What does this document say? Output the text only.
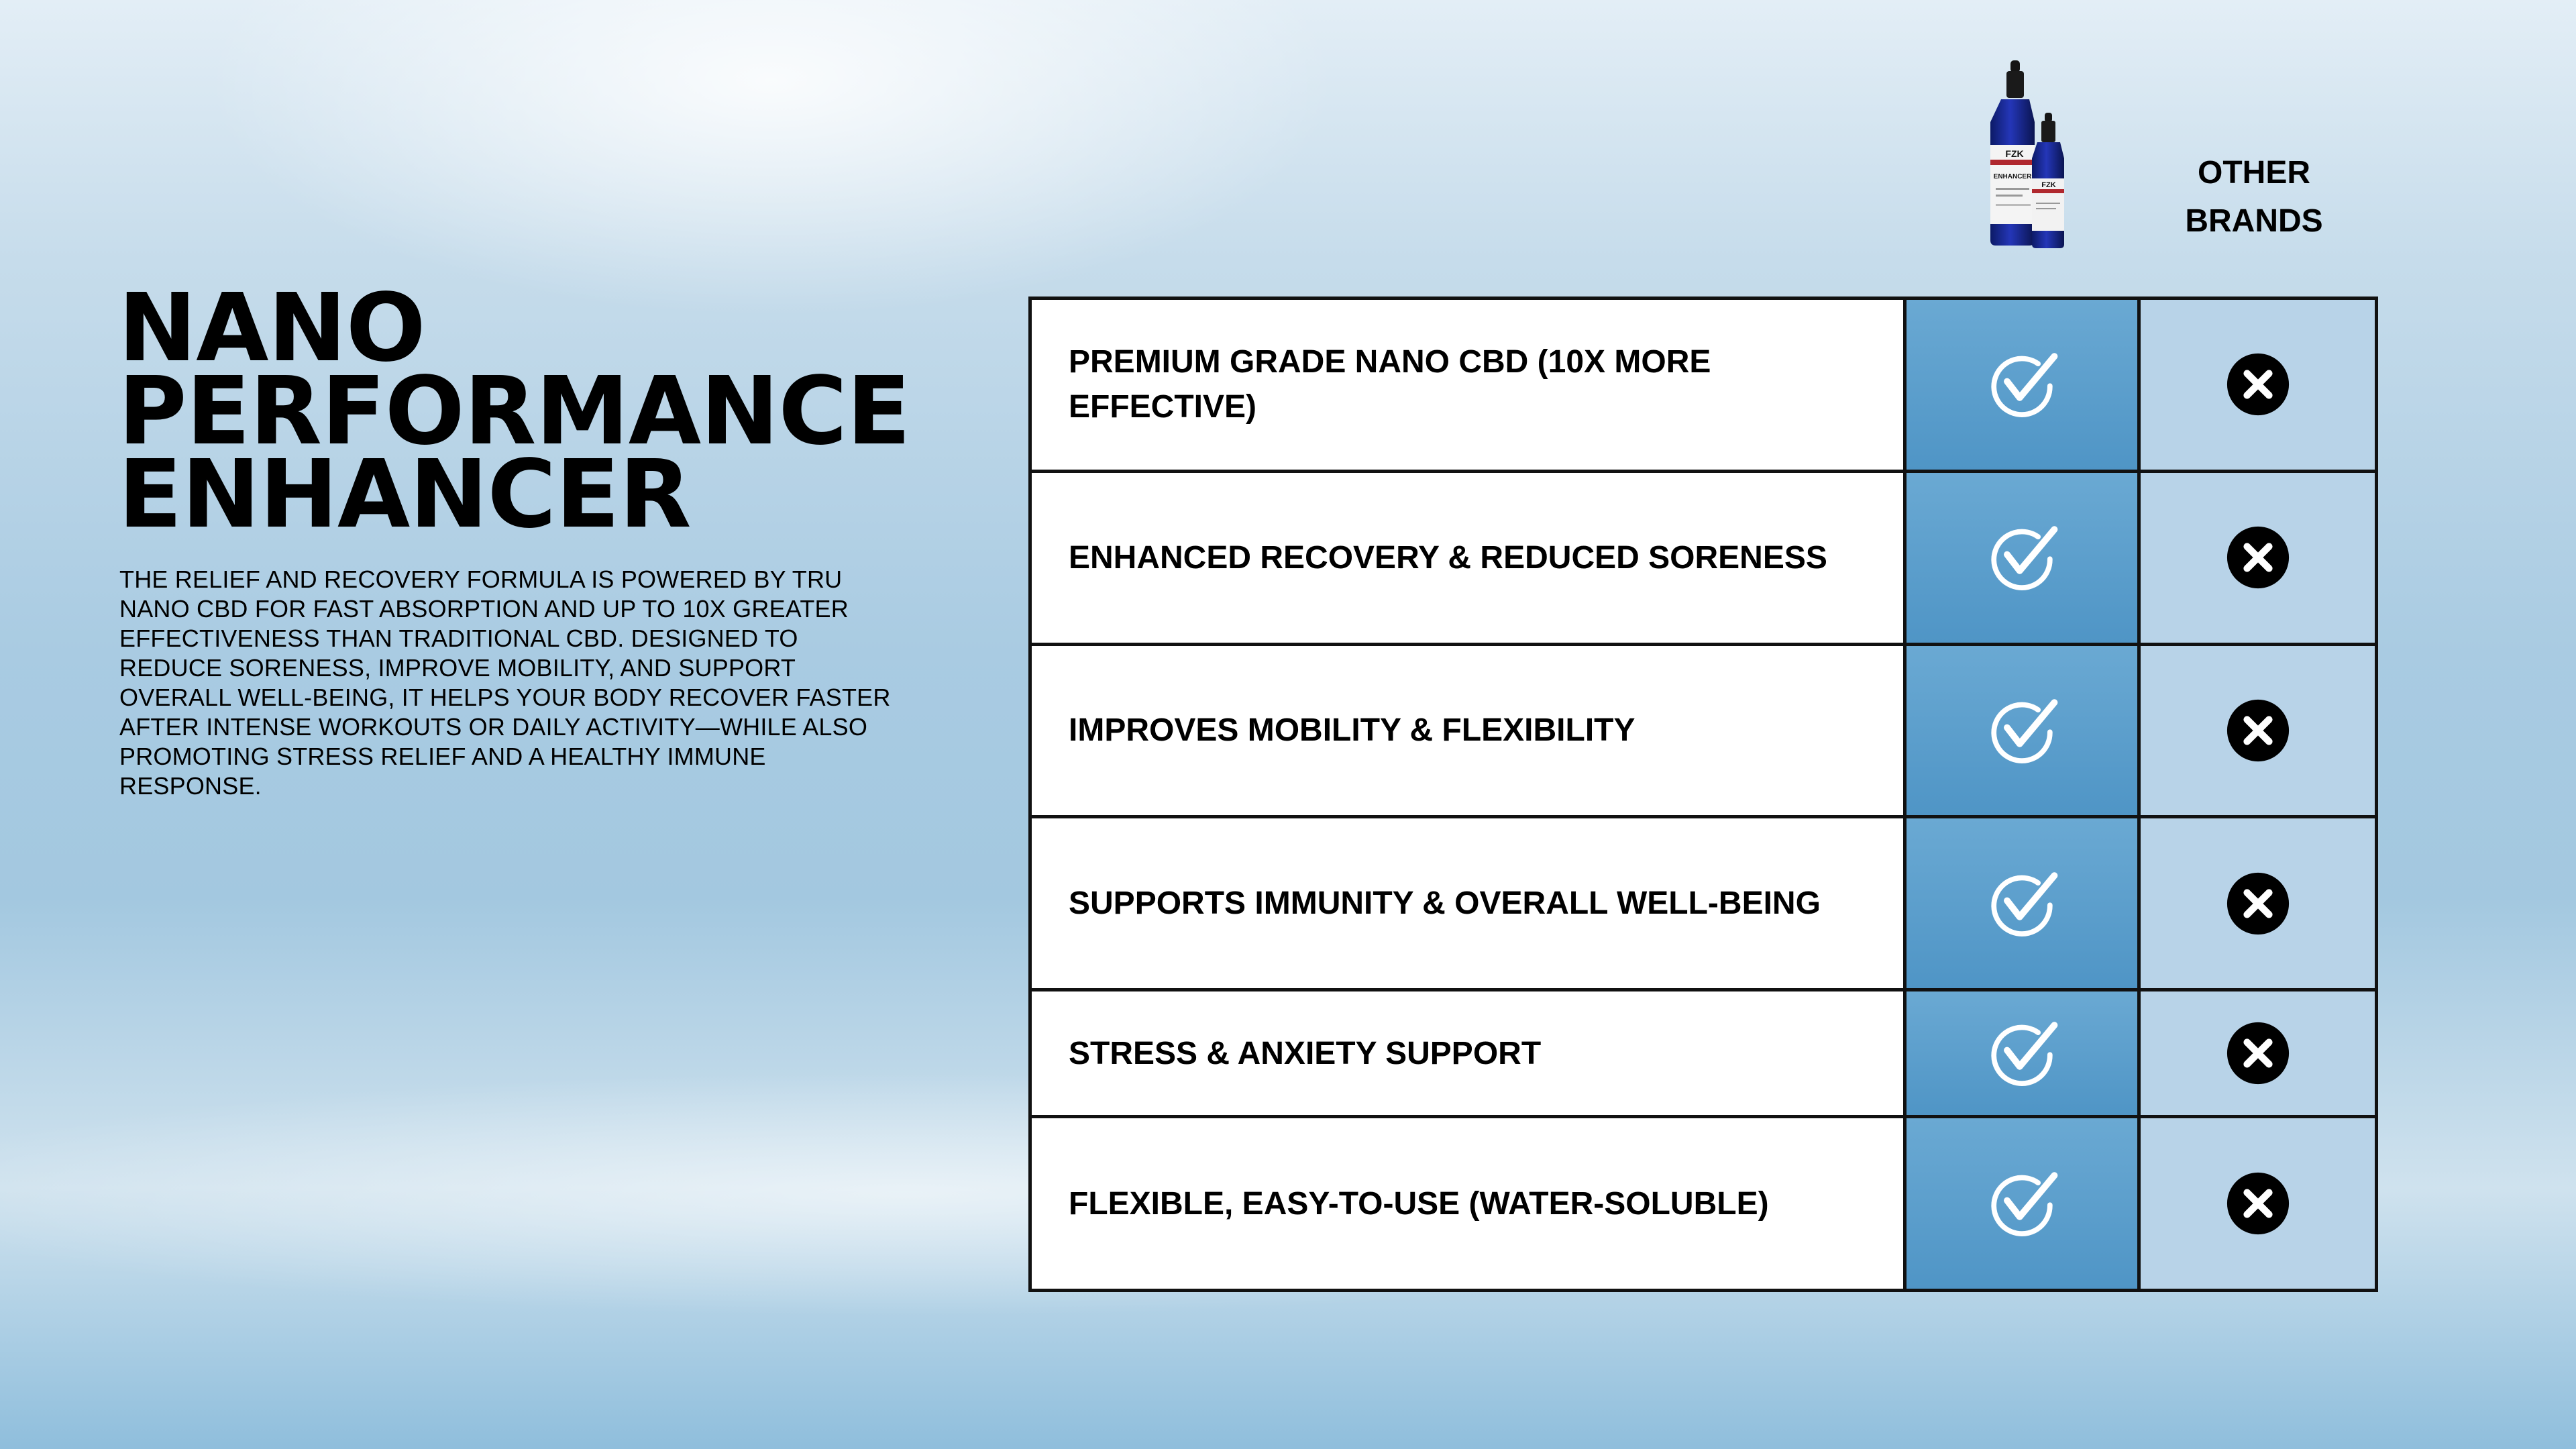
NANO
PERFORMANCE
ENHANCER

THE RELIEF AND RECOVERY FORMULA IS POWERED BY TRU NANO CBD FOR FAST ABSORPTION AND UP TO 10X GREATER EFFECTIVENESS THAN TRADITIONAL CBD. DESIGNED TO REDUCE SORENESS, IMPROVE MOBILITY, AND SUPPORT OVERALL WELL-BEING, IT HELPS YOUR BODY RECOVER FASTER AFTER INTENSE WORKOUTS OR DAILY ACTIVITY—WHILE ALSO PROMOTING STRESS RELIEF AND A HEALTHY IMMUNE RESPONSE.

FZK
ENHANCER
FZK	OTHER
BRANDS
PREMIUM GRADE NANO CBD (10X MORE EFFECTIVE)
ENHANCED RECOVERY & REDUCED SORENESS
IMPROVES MOBILITY & FLEXIBILITY
SUPPORTS IMMUNITY & OVERALL WELL-BEING
STRESS & ANXIETY SUPPORT
FLEXIBLE, EASY-TO-USE (WATER-SOLUBLE)
